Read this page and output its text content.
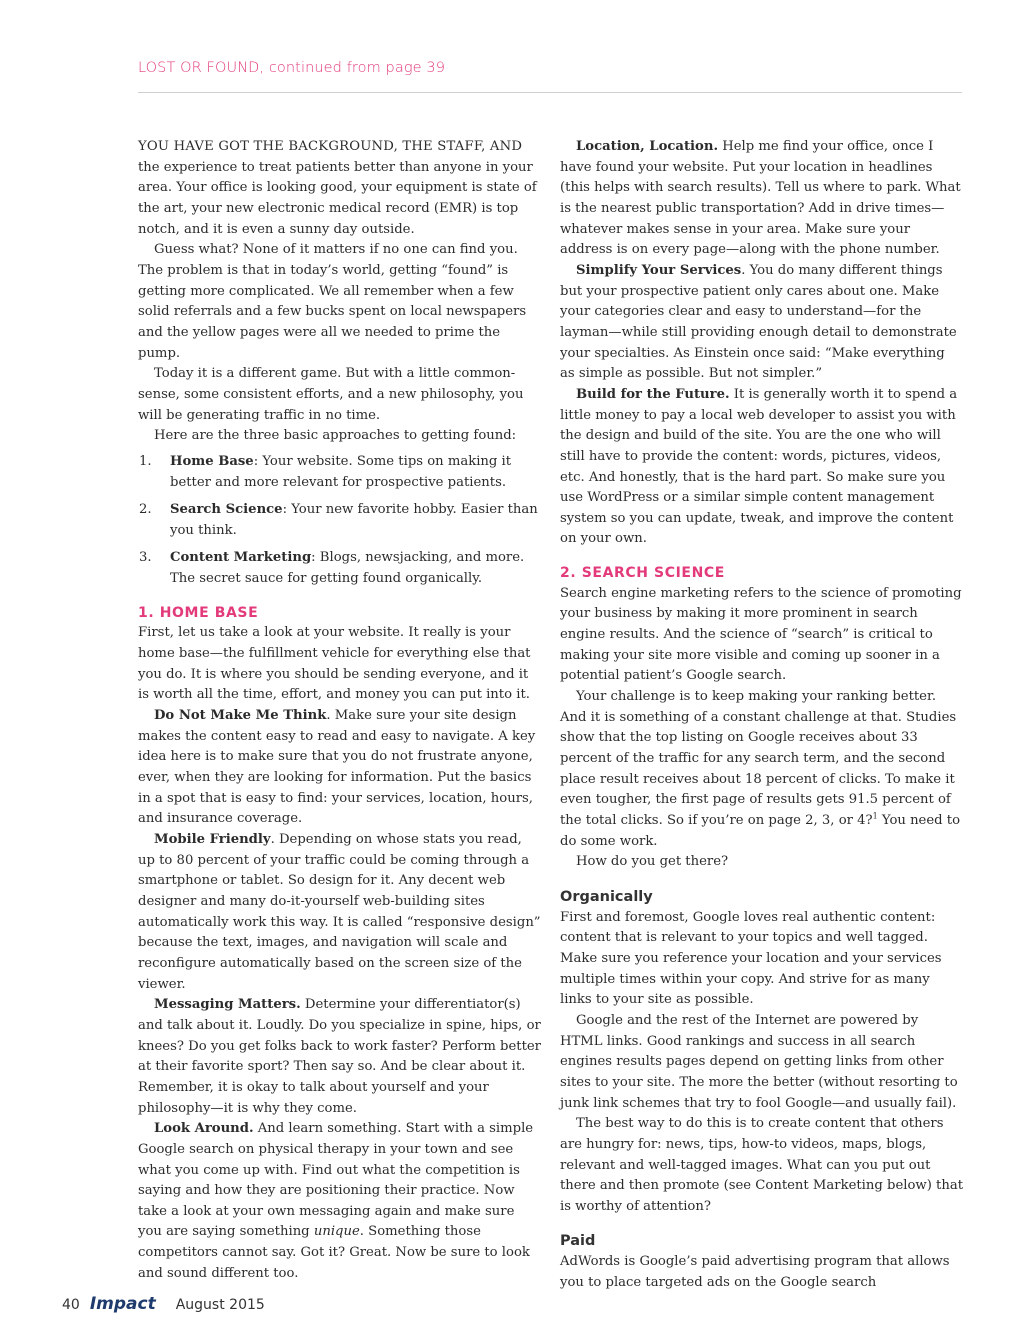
LOST OR FOUND, continued from page 39

YOU HAVE GOT THE BACKGROUND, THE STAFF, AND the experience to treat patients better than anyone in your area. Your office is looking good, your equipment is state of the art, your new electronic medical record (EMR) is top notch, and it is even a sunny day outside.

Guess what? None of it matters if no one can find you. The problem is that in today’s world, getting “found” is getting more complicated. We all remember when a few solid referrals and a few bucks spent on local newspapers and the yellow pages were all we needed to prime the pump.

Today it is a different game. But with a little common-sense, some consistent efforts, and a new philosophy, you will be generating traffic in no time.

Here are the three basic approaches to getting found:

1.	Home Base: Your website. Some tips on making it better and more relevant for prospective patients.
2.	Search Science: Your new favorite hobby. Easier than you think.
3.	Content Marketing: Blogs, newsjacking, and more. The secret sauce for getting found organically.
1. HOME BASE

First, let us take a look at your website. It really is your home base—the fulfillment vehicle for everything else that you do. It is where you should be sending everyone, and it is worth all the time, effort, and money you can put into it.

Do Not Make Me Think. Make sure your site design makes the content easy to read and easy to navigate. A key idea here is to make sure that you do not frustrate anyone, ever, when they are looking for information. Put the basics in a spot that is easy to find: your services, location, hours, and insurance coverage.

Mobile Friendly. Depending on whose stats you read, up to 80 percent of your traffic could be coming through a smartphone or tablet. So design for it. Any decent web designer and many do-it-yourself web-building sites automatically work this way. It is called “responsive design” because the text, images, and navigation will scale and reconfigure automatically based on the screen size of the viewer.

Messaging Matters. Determine your differentiator(s) and talk about it. Loudly. Do you specialize in spine, hips, or knees? Do you get folks back to work faster? Perform better at their favorite sport? Then say so. And be clear about it. Remember, it is okay to talk about yourself and your philosophy—it is why they come.

Look Around. And learn something. Start with a simple Google search on physical therapy in your town and see what you come up with. Find out what the competition is saying and how they are positioning their practice. Now take a look at your own messaging again and make sure you are saying something unique. Something those competitors cannot say. Got it? Great. Now be sure to look and sound different too.

Location, Location. Help me find your office, once I have found your website. Put your location in headlines (this helps with search results). Tell us where to park. What is the nearest public transportation? Add in drive times—whatever makes sense in your area. Make sure your address is on every page—along with the phone number.

Simplify Your Services. You do many different things but your prospective patient only cares about one. Make your categories clear and easy to understand—for the layman—while still providing enough detail to demonstrate your specialties. As Einstein once said: “Make everything as simple as possible. But not simpler.”

Build for the Future. It is generally worth it to spend a little money to pay a local web developer to assist you with the design and build of the site. You are the one who will still have to provide the content: words, pictures, videos, etc. And honestly, that is the hard part. So make sure you use WordPress or a similar simple content management system so you can update, tweak, and improve the content on your own.

2. SEARCH SCIENCE

Search engine marketing refers to the science of promoting your business by making it more prominent in search engine results. And the science of “search” is critical to making your site more visible and coming up sooner in a potential patient’s Google search.

Your challenge is to keep making your ranking better. And it is something of a constant challenge at that. Studies show that the top listing on Google receives about 33 percent of the traffic for any search term, and the second place result receives about 18 percent of clicks. To make it even tougher, the first page of results gets 91.5 percent of the total clicks. So if you’re on page 2, 3, or 4?$^1$ You need to do some work.

How do you get there?

Organically

First and foremost, Google loves real authentic content: content that is relevant to your topics and well tagged. Make sure you reference your location and your services multiple times within your copy. And strive for as many links to your site as possible.

Google and the rest of the Internet are powered by HTML links. Good rankings and success in all search engines results pages depend on getting links from other sites to your site. The more the better (without resorting to junk link schemes that try to fool Google—and usually fail).

The best way to do this is to create content that others are hungry for: news, tips, how-to videos, maps, blogs, relevant and well-tagged images. What can you put out there and then promote (see Content Marketing below) that is worthy of attention?

Paid

AdWords is Google’s paid advertising program that allows you to place targeted ads on the Google search

40 Impact August 2015
